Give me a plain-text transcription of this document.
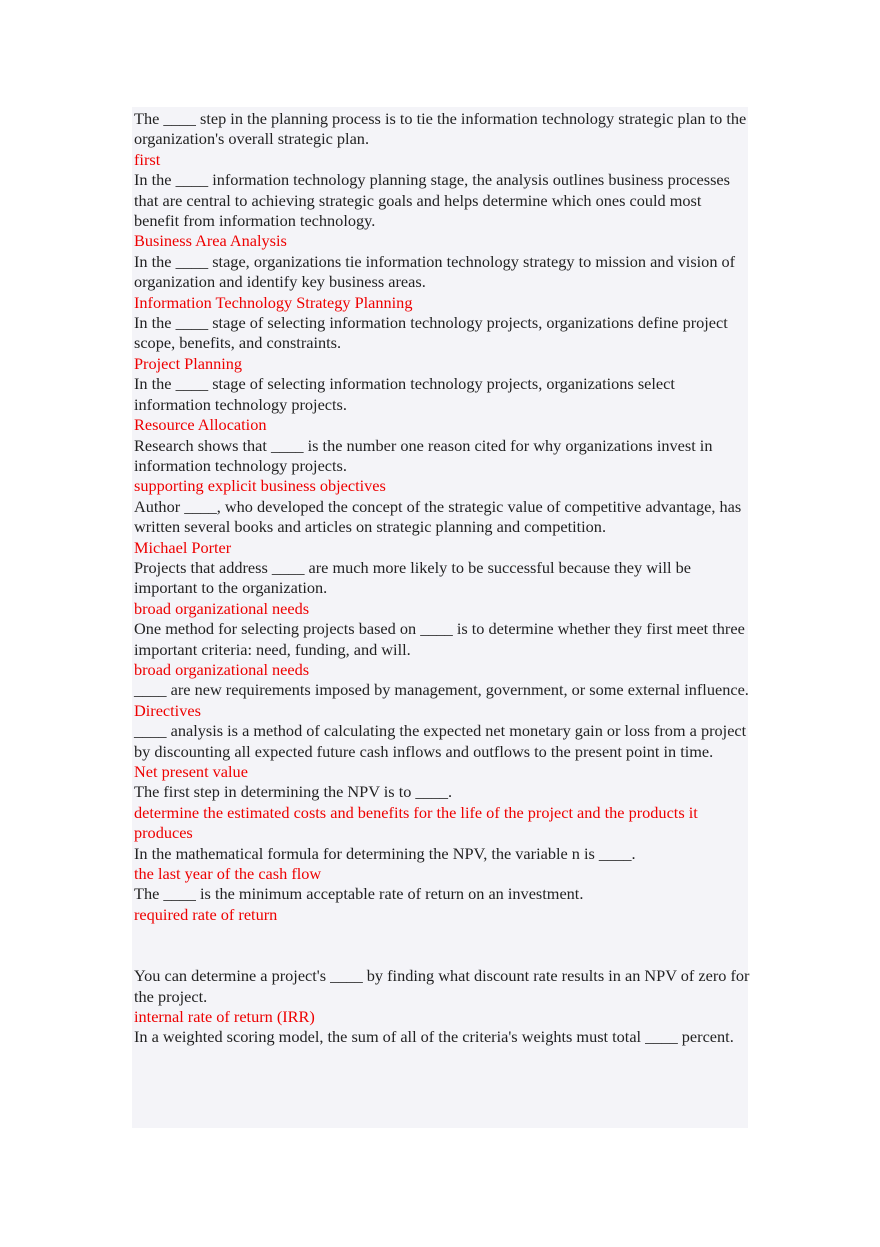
The ____ step in the planning process is to tie the information technology strategic plan to the organization's overall strategic plan.

first

In the ____ information technology planning stage, the analysis outlines business processes that are central to achieving strategic goals and helps determine which ones could most benefit from information technology.

Business Area Analysis

In the ____ stage, organizations tie information technology strategy to mission and vision of organization and identify key business areas.

Information Technology Strategy Planning

In the ____ stage of selecting information technology projects, organizations define project scope, benefits, and constraints.

Project Planning

In the ____ stage of selecting information technology projects, organizations select information technology projects.

Resource Allocation

Research shows that ____ is the number one reason cited for why organizations invest in information technology projects.

supporting explicit business objectives

Author ____, who developed the concept of the strategic value of competitive advantage, has written several books and articles on strategic planning and competition.

Michael Porter

Projects that address ____ are much more likely to be successful because they will be important to the organization.

broad organizational needs

One method for selecting projects based on ____ is to determine whether they first meet three important criteria: need, funding, and will.

broad organizational needs

____ are new requirements imposed by management, government, or some external influence.

Directives

____ analysis is a method of calculating the expected net monetary gain or loss from a project by discounting all expected future cash inflows and outflows to the present point in time.

Net present value

The first step in determining the NPV is to ____.

determine the estimated costs and benefits for the life of the project and the products it produces

In the mathematical formula for determining the NPV, the variable n is ____.

the last year of the cash flow

The ____ is the minimum acceptable rate of return on an investment.

required rate of return

You can determine a project's ____ by finding what discount rate results in an NPV of zero for the project.

internal rate of return (IRR)

In a weighted scoring model, the sum of all of the criteria's weights must total ____ percent.
